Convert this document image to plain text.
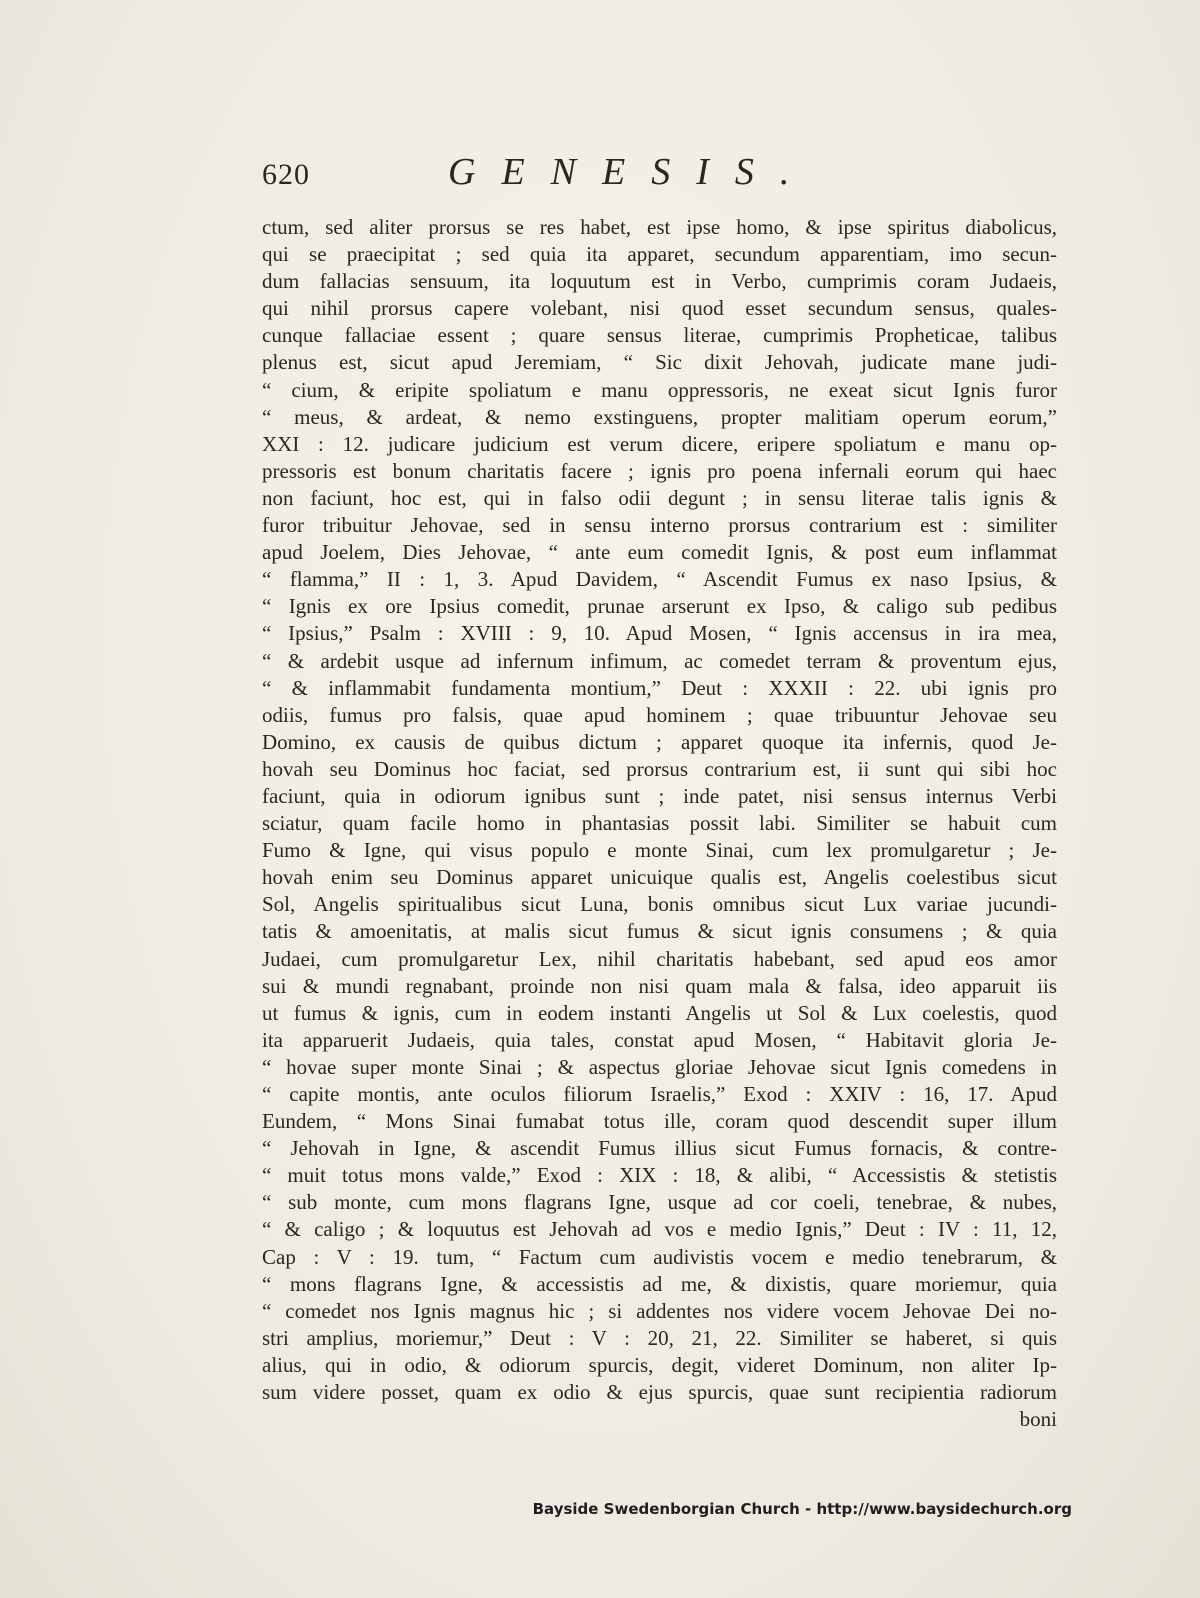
620	GENESIS.
ctum, sed aliter prorsus se res habet, est ipse homo, & ipse spiritus diabolicus,
qui se praecipitat ; sed quia ita apparet, secundum apparentiam, imo secun-
dum fallacias sensuum, ita loquutum est in Verbo, cumprimis coram Judaeis,
qui nihil prorsus capere volebant, nisi quod esset secundum sensus, quales-
cunque fallaciae essent ; quare sensus literae, cumprimis Propheticae, talibus
plenus est, sicut apud Jeremiam, “ Sic dixit Jehovah, judicate mane judi-
“ cium, & eripite spoliatum e manu oppressoris, ne exeat sicut Ignis furor
“ meus, & ardeat, & nemo exstinguens, propter malitiam operum eorum,”
XXI : 12. judicare judicium est verum dicere, eripere spoliatum e manu op-
pressoris est bonum charitatis facere ; ignis pro poena infernali eorum qui haec
non faciunt, hoc est, qui in falso odii degunt ; in sensu literae talis ignis &
furor tribuitur Jehovae, sed in sensu interno prorsus contrarium est : similiter
apud Joelem, Dies Jehovae, “ ante eum comedit Ignis, & post eum inflammat
“ flamma,” II : 1, 3. Apud Davidem, “ Ascendit Fumus ex naso Ipsius, &
“ Ignis ex ore Ipsius comedit, prunae arserunt ex Ipso, & caligo sub pedibus
“ Ipsius,” Psalm : XVIII : 9, 10. Apud Mosen, “ Ignis accensus in ira mea,
“ & ardebit usque ad infernum infimum, ac comedet terram & proventum ejus,
“ & inflammabit fundamenta montium,” Deut : XXXII : 22. ubi ignis pro
odiis, fumus pro falsis, quae apud hominem ; quae tribuuntur Jehovae seu
Domino, ex causis de quibus dictum ; apparet quoque ita infernis, quod Je-
hovah seu Dominus hoc faciat, sed prorsus contrarium est, ii sunt qui sibi hoc
faciunt, quia in odiorum ignibus sunt ; inde patet, nisi sensus internus Verbi
sciatur, quam facile homo in phantasias possit labi. Similiter se habuit cum
Fumo & Igne, qui visus populo e monte Sinai, cum lex promulgaretur ; Je-
hovah enim seu Dominus apparet unicuique qualis est, Angelis coelestibus sicut
Sol, Angelis spiritualibus sicut Luna, bonis omnibus sicut Lux variae jucundi-
tatis & amoenitatis, at malis sicut fumus & sicut ignis consumens ; & quia
Judaei, cum promulgaretur Lex, nihil charitatis habebant, sed apud eos amor
sui & mundi regnabant, proinde non nisi quam mala & falsa, ideo apparuit iis
ut fumus & ignis, cum in eodem instanti Angelis ut Sol & Lux coelestis, quod
ita apparuerit Judaeis, quia tales, constat apud Mosen, “ Habitavit gloria Je-
“ hovae super monte Sinai ; & aspectus gloriae Jehovae sicut Ignis comedens in
“ capite montis, ante oculos filiorum Israelis,” Exod : XXIV : 16, 17. Apud
Eundem, “ Mons Sinai fumabat totus ille, coram quod descendit super illum
“ Jehovah in Igne, & ascendit Fumus illius sicut Fumus fornacis, & contre-
“ muit totus mons valde,” Exod : XIX : 18, & alibi, “ Accessistis & stetistis
“ sub monte, cum mons flagrans Igne, usque ad cor coeli, tenebrae, & nubes,
“ & caligo ; & loquutus est Jehovah ad vos e medio Ignis,” Deut : IV : 11, 12,
Cap : V : 19. tum, “ Factum cum audivistis vocem e medio tenebrarum, &
“ mons flagrans Igne, & accessistis ad me, & dixistis, quare moriemur, quia
“ comedet nos Ignis magnus hic ; si addentes nos videre vocem Jehovae Dei no-
stri amplius, moriemur,” Deut : V : 20, 21, 22. Similiter se haberet, si quis
alius, qui in odio, & odiorum spurcis, degit, videret Dominum, non aliter Ip-
sum videre posset, quam ex odio & ejus spurcis, quae sunt recipientia radiorum
boni
Bayside Swedenborgian Church - http://www.baysidechurch.org
